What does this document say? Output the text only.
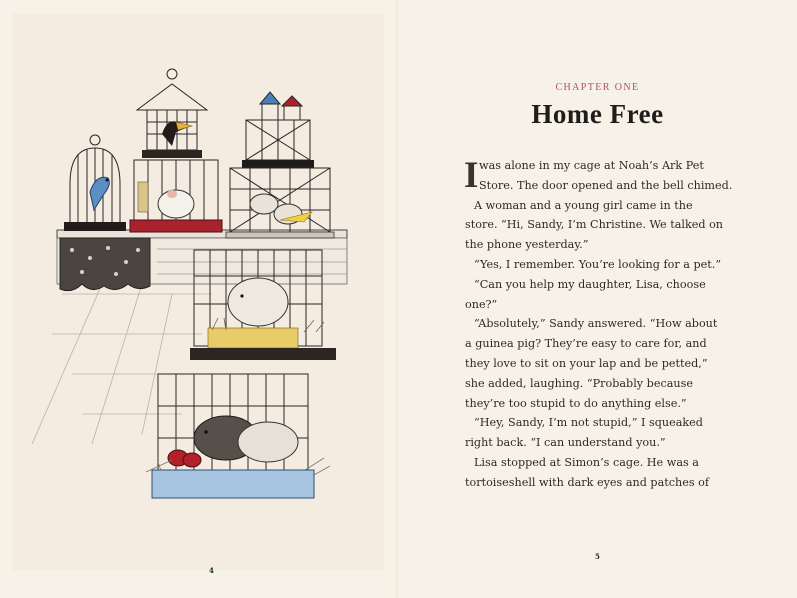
4
CHAPTER ONE
Home Free
I was alone in my cage at Noah’s Ark Pet
Store. The door opened and the bell chimed.
A woman and a young girl came in the
store. “Hi, Sandy, I’m Christine. We talked on
the phone yesterday.”
“Yes, I remember. You’re looking for a pet.”
“Can you help my daughter, Lisa, choose
one?”
“Absolutely,” Sandy answered. “How about
a guinea pig? They’re easy to care for, and
they love to sit on your lap and be petted,”
she added, laughing. “Probably because
they’re too stupid to do anything else.”
“Hey, Sandy, I’m not stupid,” I squeaked
right back. “I can understand you.”
Lisa stopped at Simon’s cage. He was a
tortoiseshell with dark eyes and patches of
5
